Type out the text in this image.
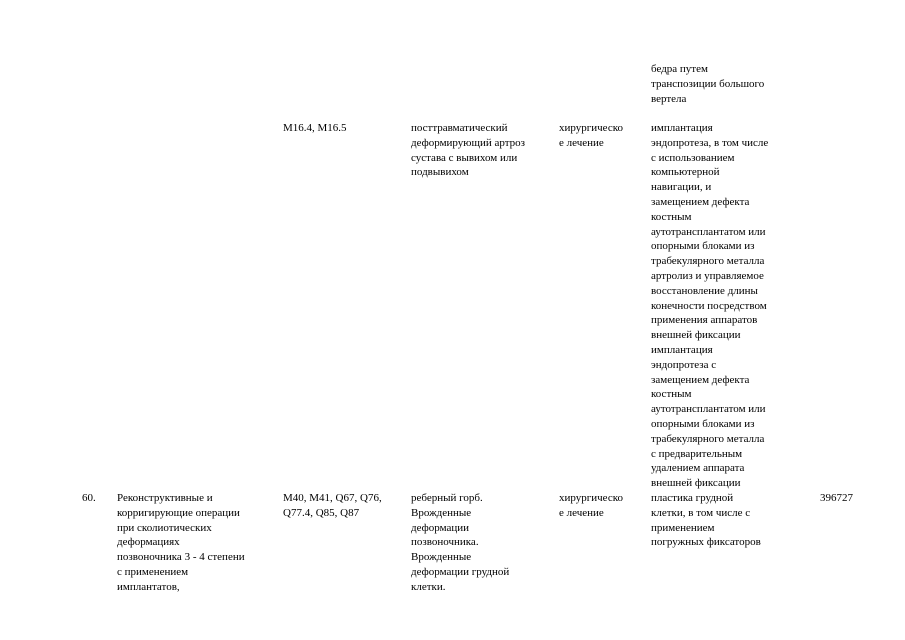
бедра путем
транспозиции большого
вертела
M16.4, M16.5	посттравматический
деформирующий артроз
сустава с вывихом или
подвывихом
хирургическо
е лечение
имплантация
эндопротеза, в том числе
с использованием
компьютерной
навигации, и
замещением дефекта
костным
аутотрансплантатом или
опорными блоками из
трабекулярного металла
артролиз и управляемое
восстановление длины
конечности посредством
применения аппаратов
внешней фиксации
имплантация
эндопротеза с
замещением дефекта
костным
аутотрансплантатом или
опорными блоками из
трабекулярного металла
с предварительным
удалением аппарата
внешней фиксации
60.	Реконструктивные и
корригирующие операции
при сколиотических
деформациях
позвоночника 3 - 4 степени
с применением
имплантатов,
M40, M41, Q67, Q76,
Q77.4, Q85, Q87
реберный горб.
Врожденные
деформации
позвоночника.
Врожденные
деформации грудной
клетки.
хирургическо
е лечение
пластика грудной
клетки, в том числе с
применением
погружных фиксаторов
396727
